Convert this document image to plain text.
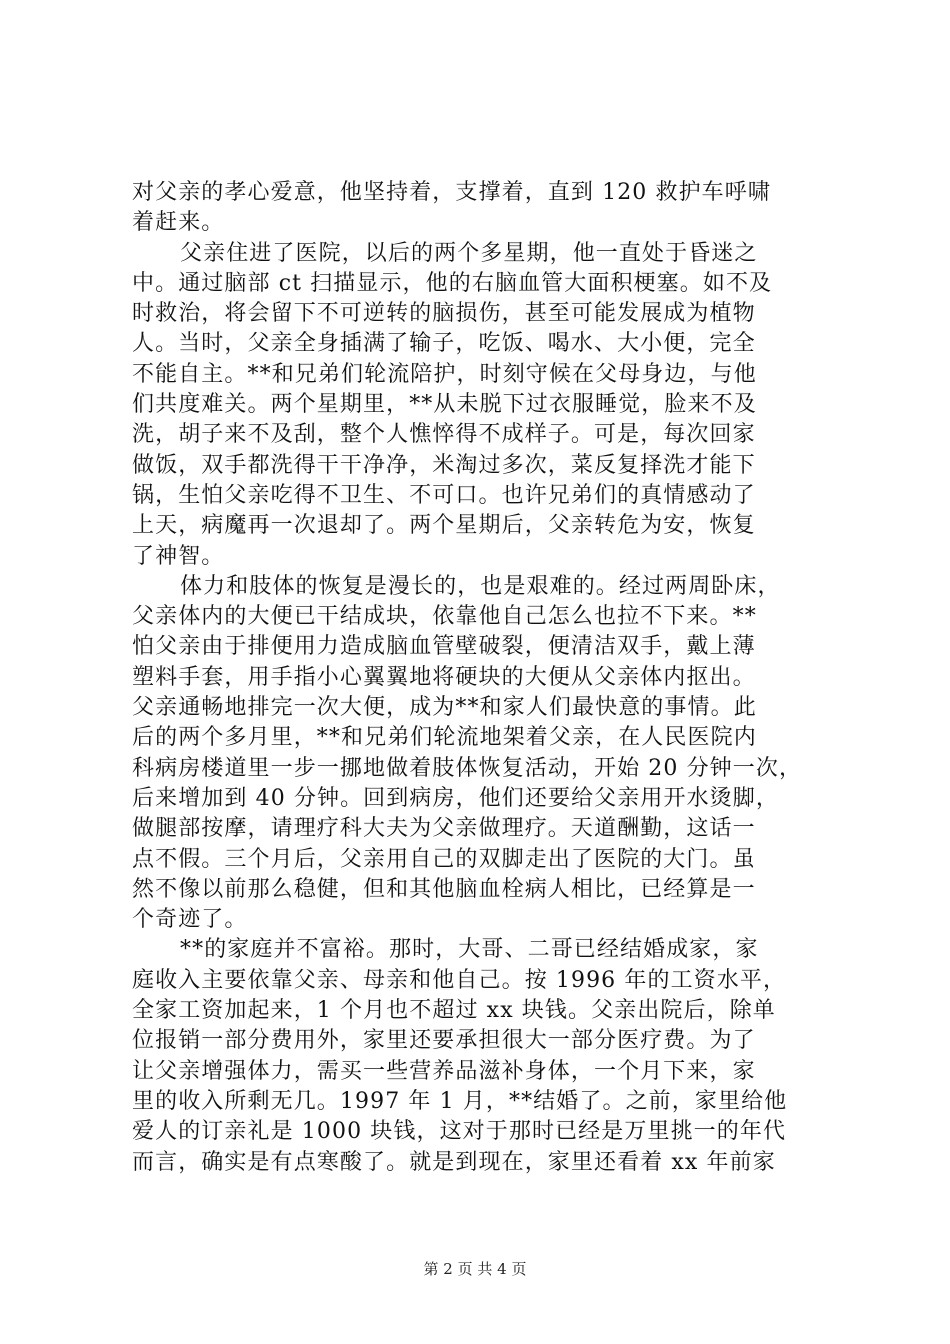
对父亲的孝心爱意，他坚持着，支撑着，直到 120 救护车呼啸
着赶来。
父亲住进了医院，以后的两个多星期，他一直处于昏迷之
中。通过脑部 ct 扫描显示，他的右脑血管大面积梗塞。如不及
时救治，将会留下不可逆转的脑损伤，甚至可能发展成为植物
人。当时，父亲全身插满了输子，吃饭、喝水、大小便，完全
不能自主。**和兄弟们轮流陪护，时刻守候在父母身边，与他
们共度难关。两个星期里，**从未脱下过衣服睡觉，脸来不及
洗，胡子来不及刮，整个人憔悴得不成样子。可是，每次回家
做饭，双手都洗得干干净净，米淘过多次，菜反复择洗才能下
锅，生怕父亲吃得不卫生、不可口。也许兄弟们的真情感动了
上天，病魔再一次退却了。两个星期后，父亲转危为安，恢复
了神智。
体力和肢体的恢复是漫长的，也是艰难的。经过两周卧床，
父亲体内的大便已干结成块，依靠他自己怎么也拉不下来。**
怕父亲由于排便用力造成脑血管壁破裂，便清洁双手，戴上薄
塑料手套，用手指小心翼翼地将硬块的大便从父亲体内抠出。
父亲通畅地排完一次大便，成为**和家人们最快意的事情。此
后的两个多月里，**和兄弟们轮流地架着父亲，在人民医院内
科病房楼道里一步一挪地做着肢体恢复活动，开始 20 分钟一次，
后来增加到 40 分钟。回到病房，他们还要给父亲用开水烫脚，
做腿部按摩，请理疗科大夫为父亲做理疗。天道酬勤，这话一
点不假。三个月后，父亲用自己的双脚走出了医院的大门。虽
然不像以前那么稳健，但和其他脑血栓病人相比，已经算是一
个奇迹了。
**的家庭并不富裕。那时，大哥、二哥已经结婚成家，家
庭收入主要依靠父亲、母亲和他自己。按 1996 年的工资水平，
全家工资加起来，1 个月也不超过 xx 块钱。父亲出院后，除单
位报销一部分费用外，家里还要承担很大一部分医疗费。为了
让父亲增强体力，需买一些营养品滋补身体，一个月下来，家
里的收入所剩无几。1997 年 1 月，**结婚了。之前，家里给他
爱人的订亲礼是 1000 块钱，这对于那时已经是万里挑一的年代
而言，确实是有点寒酸了。就是到现在，家里还看着 xx 年前家
第 2 页 共 4 页
